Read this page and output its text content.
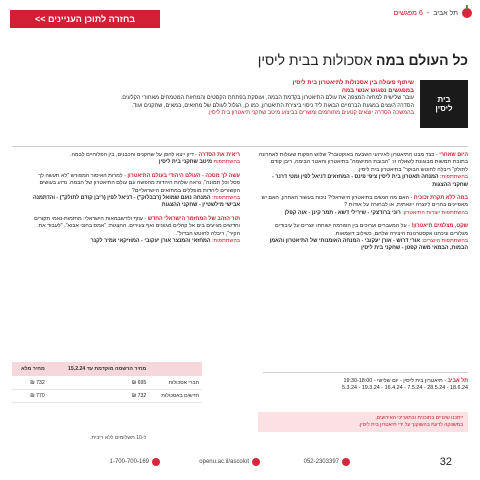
תל אביב
-
6 מפגשים
בחזרה לתוכן העניינים >>
כל העולם במה אסכולות בבית ליסין
בית
ליסין
שיתוף פעולה בין אסכולות לתיאטרון בית ליסין
במפגשים נפגוש אנשי במה
עובר שלישית למחזה המצפה את עולם התיאטרון בקדמת הבמה, ועוסקת בפתחת הקסטים והמחזות המטמחים מאחורי הקלעים. הסדרה העצים במגעת הברמיים הבאות ליד ניסוי ביצירת התיאטרון, כמו כן, הגלול לעולם של מחזאים, במאים, שחקנים ועוד.
בהמשכה הסדרה יוצאים קטעים מתוחמים ומשרים בביצוע מיטב שחקני תיאטרון בית ליסין.

היום שאחרי - כצד מבט התיאטרון לאירועי השבעה באוקטובר? שלוש הפקות שעולות לאחרונה בתובת תמשות מבוגונת לשאלה זו: "הבובת התישמה" בתיאטרון והאטר הבימה, ריבן קודם לתולק" ריבלה לחוטש הבוקר" בתיאטרון בית ליסין.
בהשתתפות: המנחה תאטרון בית ליסין ציפי פינס - המחזאים דניאל לפין ומטי דרנר - שחקני ההצגות

במה ללא תקרת זכוכית - האם מה הנשים בתיאטרון הישראלי? ניכוח בעשור האחרון, האם יש מאפיינים בהרים ליוצרה ייגאתית, או לבחורה על אודות ?
בהשתתפות יוצרות התיאטרון: רוני ברודצקי - שירילי דשא - תמר קינן - אוה קפלן

שקט, מצלמים תיאטרון! - על המעברים וערוכים בין הפורמה ישוחחו יוצרים על עיבודים מגלורים וניכחנו אקסטרנונת היצירה שלהם, כשילוב דוגמאות.
בהשתתפות היוצרים: אורי דרוש - אורן יעקובי - המנחה האומנותי של התיאטרון והאמן הבמות, הבמאי משה קפטן - שחקני בית ליסין

ריאית את הסדרה - דיון ייצא להפן על שחקנים והכבנים, בין הפלוחיים לבמה.
בהשתתפות מיטב שחקני בית ליסין

עשה לך מסכה - העולם היהודי בעולם התיאטרון - למרות האיסור המפורש "לא תעשה לך פסל וכל תמונה", נראה שלהת היהדות מהפשה עם עולם התיאטרון של הבמה. נדוע בעושים הקשורים ליהדות מופללים במחזאים הישראליים?
בהשתתפות: המנחה נועם שמואל (רבבלוק") - דניאל לפין (ריבן קודם לתולק") - והדתמנה אבישי מילשטיין - שחקני ההצגות

תור הזהב של המחזמר הישראלי החדש - עוזף ולדשבמאות הישראלי: מחזמות-נאמי תקורים וחדשים מגיעים בים אל קהלים מגוונים ואף צעירים. ההצגות: "אמס בחוני אבוא", "לעבוד את הקיר", ריבלה לחוטש הבדול".
בהשתתפות: המחזאי והמנצר אורן יעקובי - המוזיקאי אמיר לקנר

תל אביב - תיאטרון בית ליסין - יום שלישי - 19:30-18:00
18.6.24 - 28.5.24 - 7.5.24 - 16.4.24 - 19.3.24 - 5.3.24
ייתכנו שינויים בתוכנית ובתאריכי האירועים,
במשווקה לדעת בהשוקוך על ידי תיאטרון בית ליסין.
	מחיר הרשמה מוקדמת עד 15.2.24	מחיר מלא
חברי אסכולות	695 ₪	732 ₪
חדשים באסכולות	732 ₪	770 ₪
ל-10 תשלומים ללא ריבית.
32
052-2303397
openu.ac.il/ascolot
1-700-700-169
